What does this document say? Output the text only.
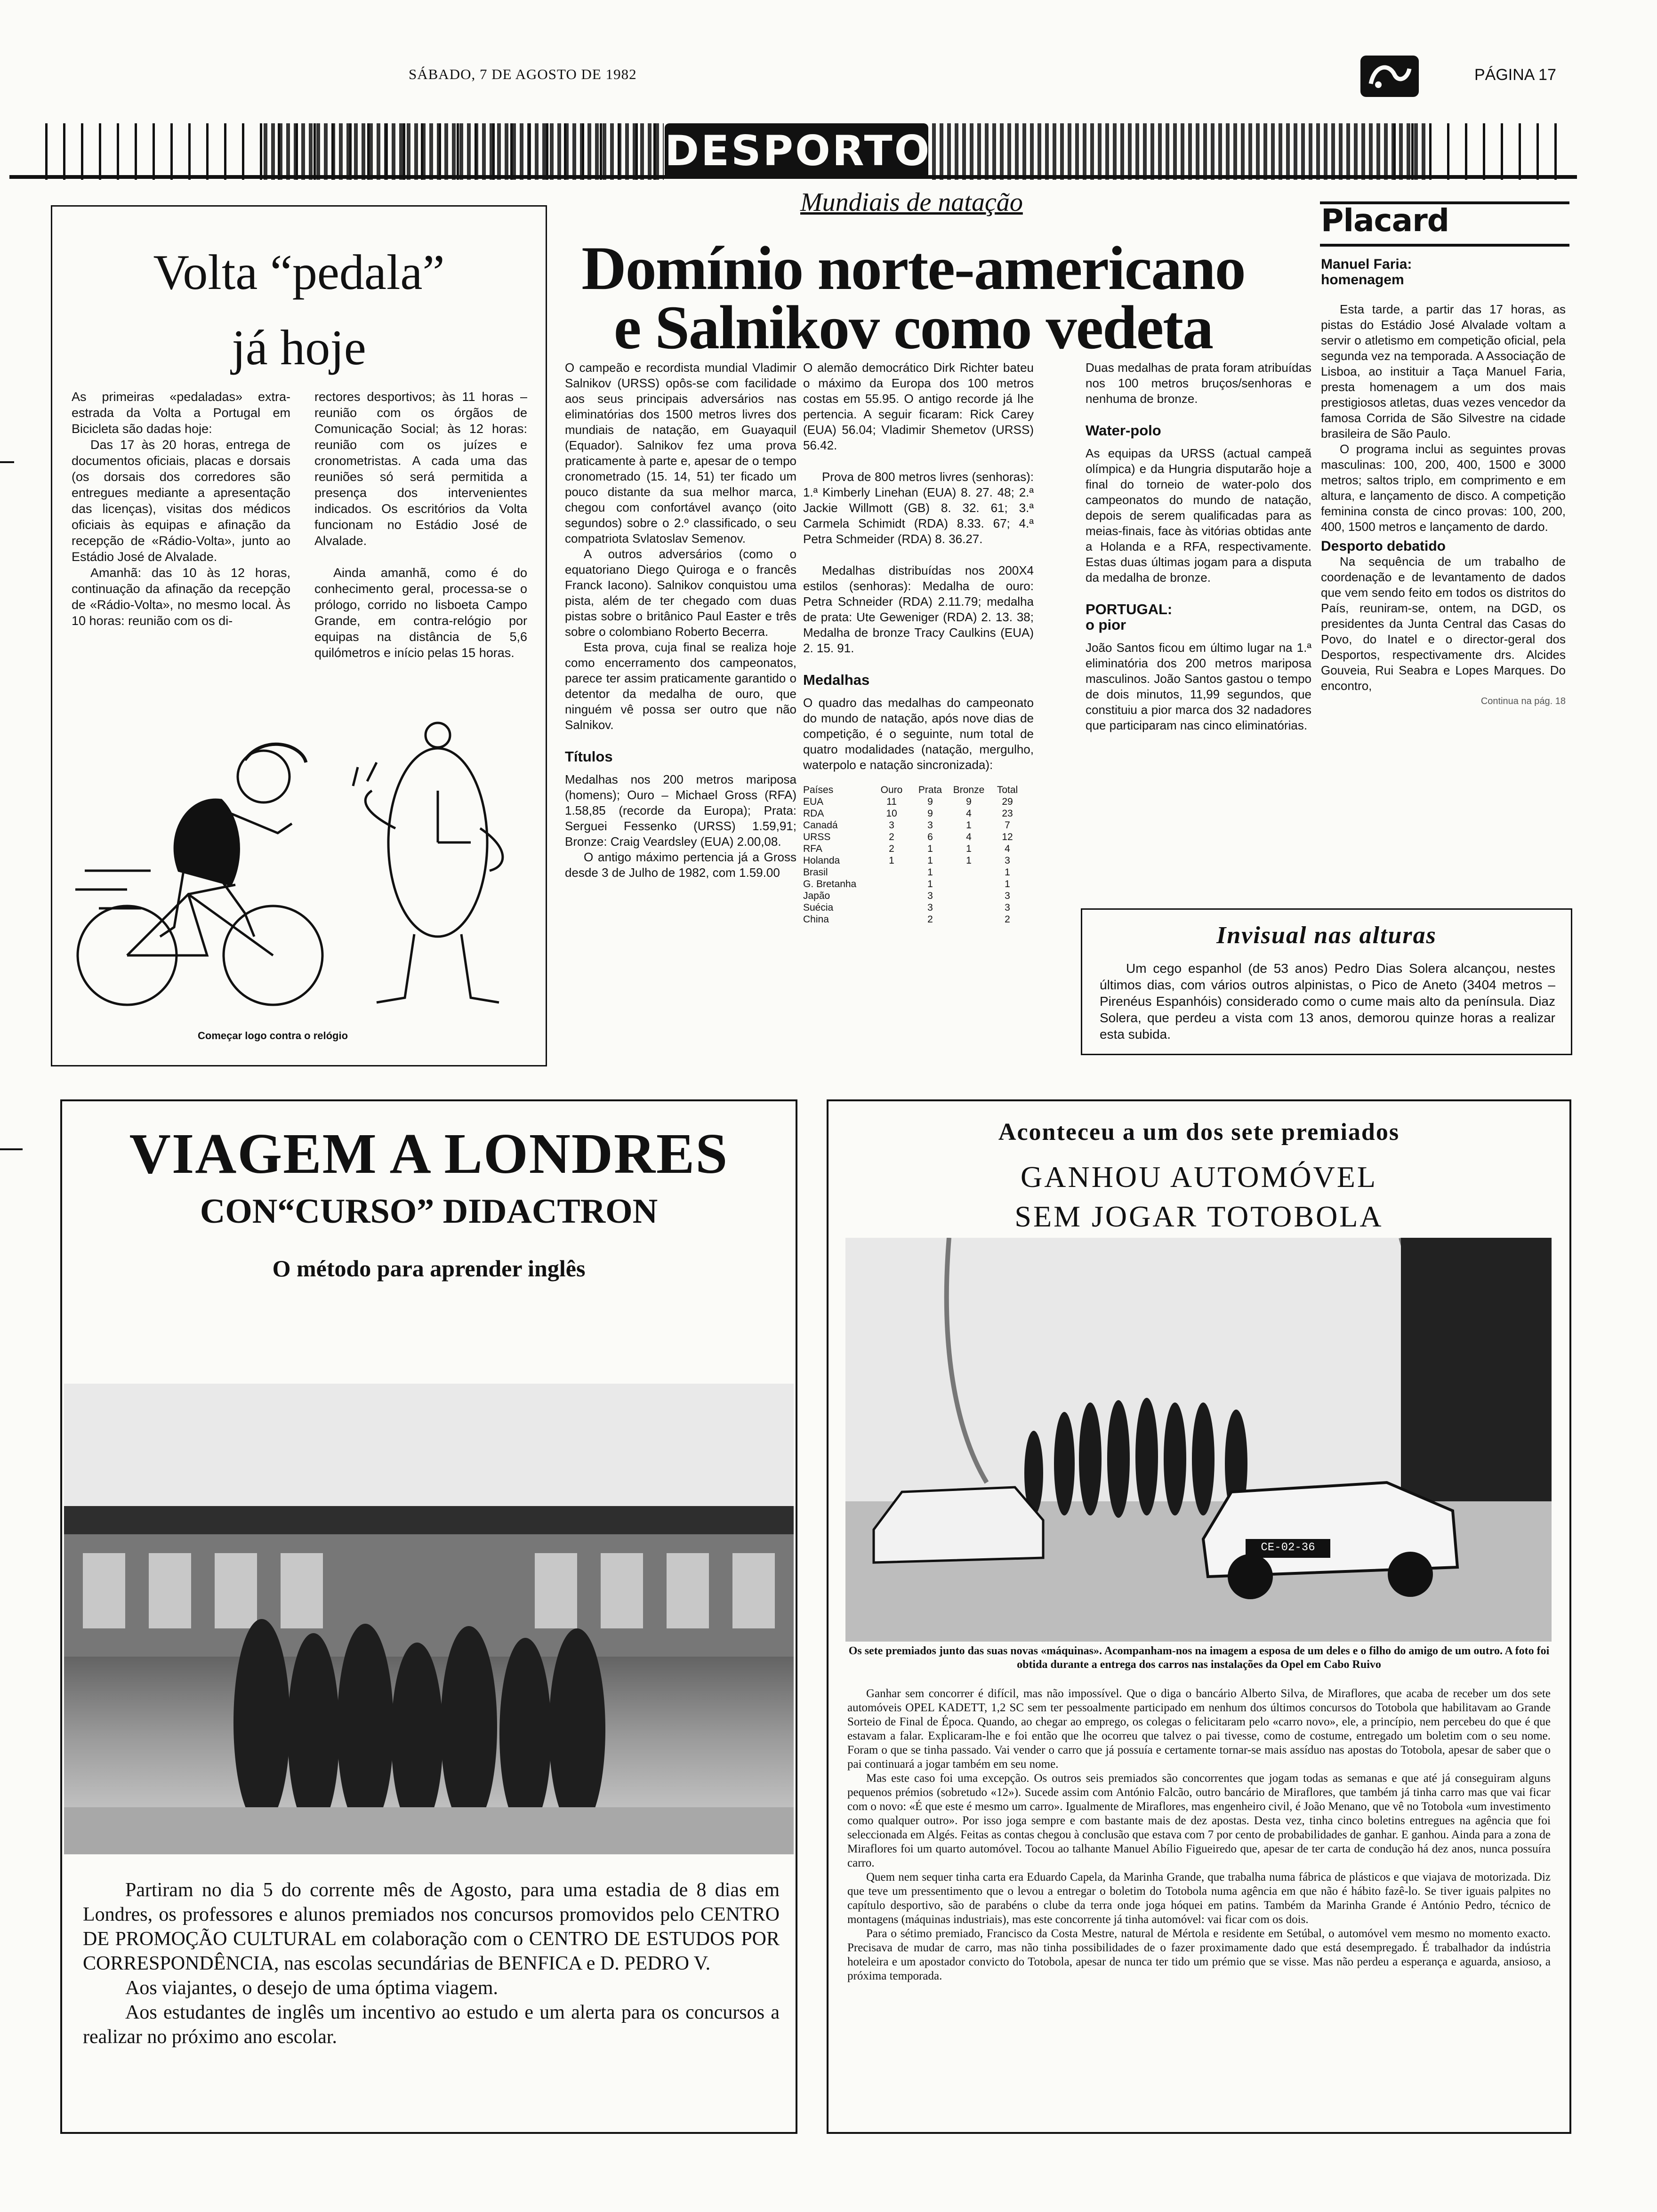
SÁBADO, 7 DE AGOSTO DE 1982	PÁGINA 17
DESPORTO
Volta “pedala”
já hoje

As primeiras «pedaladas» extra-estrada da Volta a Portugal em Bicicleta são dadas hoje:

Das 17 às 20 horas, entrega de documentos oficiais, placas e dorsais (os dorsais dos corredores são entregues mediante a apresentação das licenças), visitas dos médicos oficiais às equipas e afinação da recepção de «Rádio-Volta», junto ao Estádio José de Alvalade.

Amanhã: das 10 às 12 horas, continuação da afinação da recepção de «Rádio-Volta», no mesmo local. Às 10 horas: reunião com os di-

rectores desportivos; às 11 horas – reunião com os órgãos de Comunicação Social; às 12 horas: reunião com os juízes e cronometristas. A cada uma das reuniões só será permitida a presença dos intervenientes indicados. Os escritórios da Volta funcionam no Estádio José de Alvalade.

Ainda amanhã, como é do conhecimento geral, processa-se o prólogo, corrido no lisboeta Campo Grande, em contra-relógio por equipas na distância de 5,6 quilómetros e início pelas 15 horas.

Começar logo contra o relógio
Mundiais de natação
Domínio norte-americano
e Salnikov como vedeta

O campeão e recordista mundial Vladimir Salnikov (URSS) opôs-se com facilidade aos seus principais adversários nas eliminatórias dos 1500 metros livres dos mundiais de natação, em Guayaquil (Equador). Salnikov fez uma prova praticamente à parte e, apesar de o tempo cronometrado (15. 14, 51) ter ficado um pouco distante da sua melhor marca, chegou com confortável avanço (oito segundos) sobre o 2.º classificado, o seu compatriota Svlatoslav Semenov.

A outros adversários (como o equatoriano Diego Quiroga e o francês Franck Iacono). Salnikov conquistou uma pista, além de ter chegado com duas pistas sobre o britânico Paul Easter e três sobre o colombiano Roberto Becerra.

Esta prova, cuja final se realiza hoje como encerramento dos campeonatos, parece ter assim praticamente garantido o detentor da medalha de ouro, que ninguém vê possa ser outro que não Salnikov.

Títulos

Medalhas nos 200 metros mariposa (homens); Ouro – Michael Gross (RFA) 1.58,85 (recorde da Europa); Prata: Serguei Fessenko (URSS) 1.59,91; Bronze: Craig Veardsley (EUA) 2.00,08.

O antigo máximo pertencia já a Gross desde 3 de Julho de 1982, com 1.59.00

O alemão democrático Dirk Richter bateu o máximo da Europa dos 100 metros costas em 55.95. O antigo recorde já lhe pertencia. A seguir ficaram: Rick Carey (EUA) 56.04; Vladimir Shemetov (URSS) 56.42.

Prova de 800 metros livres (senhoras): 1.ª Kimberly Linehan (EUA) 8. 27. 48; 2.ª Jackie Willmott (GB) 8. 32. 61; 3.ª Carmela Schimidt (RDA) 8.33. 67; 4.ª Petra Schmeider (RDA) 8. 36.27.

Medalhas distribuídas nos 200X4 estilos (senhoras): Medalha de ouro: Petra Schneider (RDA) 2.11.79; medalha de prata: Ute Geweniger (RDA) 2. 13. 38; Medalha de bronze Tracy Caulkins (EUA) 2. 15. 91.

Medalhas

O quadro das medalhas do campeonato do mundo de natação, após nove dias de competição, é o seguinte, num total de quatro modalidades (natação, mergulho, waterpolo e natação sincronizada):

Países	Ouro	Prata	Bronze	Total
EUA	11	9	9	29
RDA	10	9	4	23
Canadá	3	3	1	7
URSS	2	6	4	12
RFA	2	1	1	4
Holanda	1	1	1	3
Brasil		1		1
G. Bretanha		1		1
Japão		3		3
Suécia		3		3
China		2		2

Duas medalhas de prata foram atribuídas nos 100 metros bruços/senhoras e nenhuma de bronze.

Water-polo

As equipas da URSS (actual campeã olímpica) e da Hungria disputarão hoje a final do torneio de water-polo dos campeonatos do mundo de natação, depois de serem qualificadas para as meias-finais, face às vitórias obtidas ante a Holanda e a RFA, respectivamente. Estas duas últimas jogam para a disputa da medalha de bronze.

PORTUGAL:
o pior

João Santos ficou em último lugar na 1.ª eliminatória dos 200 metros mariposa masculinos. João Santos gastou o tempo de dois minutos, 11,99 segundos, que constituiu a pior marca dos 32 nadadores que participaram nas cinco eliminatórias.

Placard
Manuel Faria: homenagem

Esta tarde, a partir das 17 horas, as pistas do Estádio José Alvalade voltam a servir o atletismo em competição oficial, pela segunda vez na temporada. A Associação de Lisboa, ao instituir a Taça Manuel Faria, presta homenagem a um dos mais prestigiosos atletas, duas vezes vencedor da famosa Corrida de São Silvestre na cidade brasileira de São Paulo.

O programa inclui as seguintes provas masculinas: 100, 200, 400, 1500 e 3000 metros; saltos triplo, em comprimento e em altura, e lançamento de disco. A competição feminina consta de cinco provas: 100, 200, 400, 1500 metros e lançamento de dardo.

Desporto debatido

Na sequência de um trabalho de coordenação e de levantamento de dados que vem sendo feito em todos os distritos do País, reuniram-se, ontem, na DGD, os presidentes da Junta Central das Casas do Povo, do Inatel e o director-geral dos Desportos, respectivamente drs. Alcides Gouveia, Rui Seabra e Lopes Marques. Do encontro,

Continua na pág. 18
Invisual nas alturas
Um cego espanhol (de 53 anos) Pedro Dias Solera alcançou, nestes últimos dias, com vários outros alpinistas, o Pico de Aneto (3404 metros – Pirenéus Espanhóis) considerado como o cume mais alto da península. Diaz Solera, que perdeu a vista com 13 anos, demorou quinze horas a realizar esta subida.
VIAGEM A LONDRES
CON“CURSO” DIDACTRON
O método para aprender inglês

Partiram no dia 5 do corrente mês de Agosto, para uma estadia de 8 dias em Londres, os professores e alunos premiados nos concursos promovidos pelo CENTRO DE PROMOÇÃO CULTURAL em colaboração com o CENTRO DE ESTUDOS POR CORRESPONDÊNCIA, nas escolas secundárias de BENFICA e D. PEDRO V.

Aos viajantes, o desejo de uma óptima viagem.

Aos estudantes de inglês um incentivo ao estudo e um alerta para os concursos a realizar no próximo ano escolar.

Aconteceu a um dos sete premiados
GANHOU AUTOMÓVEL
SEM JOGAR TOTOBOLA
CE-02-36
Os sete premiados junto das suas novas «máquinas». Acompanham-nos na imagem a esposa de um deles e o filho do amigo de um outro. A foto foi obtida durante a entrega dos carros nas instalações da Opel em Cabo Ruivo

Ganhar sem concorrer é difícil, mas não impossível. Que o diga o bancário Alberto Silva, de Miraflores, que acaba de receber um dos sete automóveis OPEL KADETT, 1,2 SC sem ter pessoalmente participado em nenhum dos últimos concursos do Totobola que habilitavam ao Grande Sorteio de Final de Época. Quando, ao chegar ao emprego, os colegas o felicitaram pelo «carro novo», ele, a princípio, nem percebeu do que é que estavam a falar. Explicaram-lhe e foi então que lhe ocorreu que talvez o pai tivesse, como de costume, entregado um boletim com o seu nome. Foram o que se tinha passado. Vai vender o carro que já possuía e certamente tornar-se mais assíduo nas apostas do Totobola, apesar de saber que o pai continuará a jogar também em seu nome.

Mas este caso foi uma excepção. Os outros seis premiados são concorrentes que jogam todas as semanas e que até já conseguiram alguns pequenos prémios (sobretudo «12»). Sucede assim com António Falcão, outro bancário de Miraflores, que também já tinha carro mas que vai ficar com o novo: «É que este é mesmo um carro». Igualmente de Miraflores, mas engenheiro civil, é João Menano, que vê no Totobola «um investimento como qualquer outro». Por isso joga sempre e com bastante mais de dez apostas. Desta vez, tinha cinco boletins entregues na agência que foi seleccionada em Algés. Feitas as contas chegou à conclusão que estava com 7 por cento de probabilidades de ganhar. E ganhou. Ainda para a zona de Miraflores foi um quarto automóvel. Tocou ao talhante Manuel Abílio Figueiredo que, apesar de ter carta de condução há dez anos, nunca possuíra carro.

Quem nem sequer tinha carta era Eduardo Capela, da Marinha Grande, que trabalha numa fábrica de plásticos e que viajava de motorizada. Diz que teve um pressentimento que o levou a entregar o boletim do Totobola numa agência em que não é hábito fazê-lo. Se tiver iguais palpites no capítulo desportivo, são de parabéns o clube da terra onde joga hóquei em patins. Também da Marinha Grande é António Pedro, técnico de montagens (máquinas industriais), mas este concorrente já tinha automóvel: vai ficar com os dois.

Para o sétimo premiado, Francisco da Costa Mestre, natural de Mértola e residente em Setúbal, o automóvel vem mesmo no momento exacto. Precisava de mudar de carro, mas não tinha possibilidades de o fazer proximamente dado que está desempregado. É trabalhador da indústria hoteleira e um apostador convicto do Totobola, apesar de nunca ter tido um prémio que se visse. Mas não perdeu a esperança e aguarda, ansioso, a próxima temporada.
